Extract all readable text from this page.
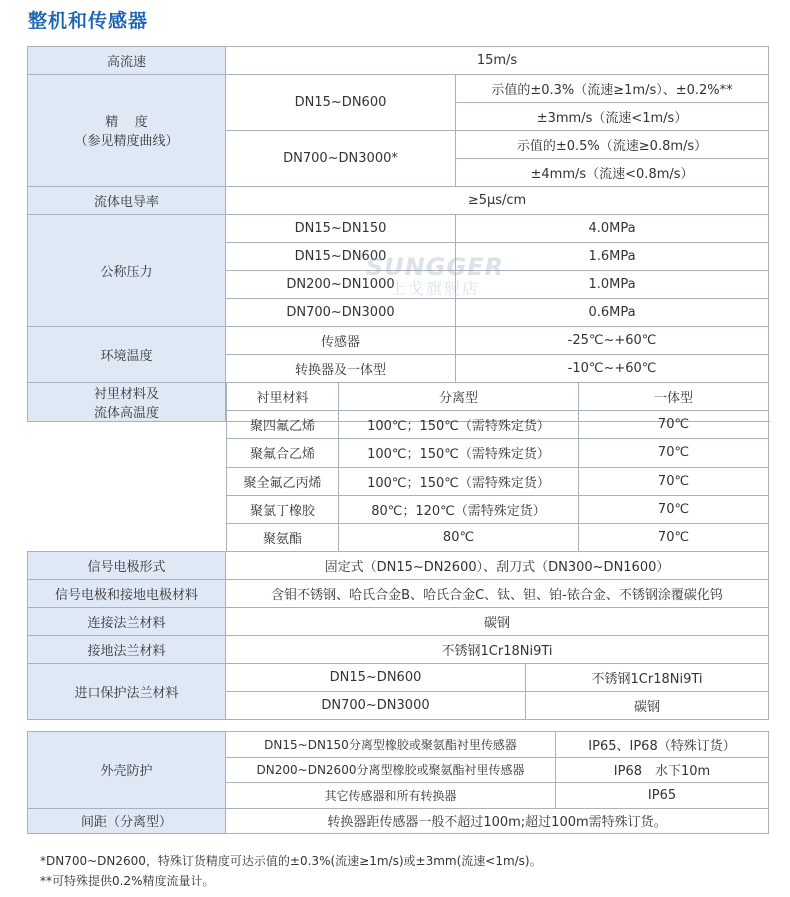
整机和传感器
高流速	15m/s	

精    度
（参见精度曲线）	DN15~DN600	示值的±0.3%（流速≥1m/s）、±0.2%**
		±3mm/s（流速<1m/s）
	DN700~DN3000*	示值的±0.5%（流速≥0.8m/s）
		±4mm/s（流速<0.8m/s）
流体电导率	≥5μs/cm	
公称压力	DN15~DN150	4.0MPa
	DN15~DN600	1.6MPa
	DN200~DN1000	1.0MPa
	DN700~DN3000	0.6MPa
环境温度	传感器	-25℃~+60℃
	转换器及一体型	-10℃~+60℃

衬里材料及
流体高温度		

衬里材料	分离型	一体型
聚四氟乙烯	100℃；150℃（需特殊定货）	70℃
聚氟合乙烯	100℃；150℃（需特殊定货）	70℃
聚全氟乙丙烯	100℃；150℃（需特殊定货）	70℃
聚氯丁橡胶	80℃；120℃（需特殊定货）	70℃
聚氨酯	80℃	70℃
信号电极形式	固定式（DN15~DN2600）、刮刀式（DN300~DN1600）	
信号电极和接地电极材料	含钼不锈钢、哈氏合金B、哈氏合金C、钛、钽、铂-铱合金、不锈钢涂覆碳化钨	
连接法兰材料	碳钢	
接地法兰材料	不锈钢1Cr18Ni9Ti	
进口保护法兰材料	DN15~DN600	不锈钢1Cr18Ni9Ti
	DN700~DN3000	碳钢
外壳防护	DN15~DN150分离型橡胶或聚氨酯衬里传感器	IP65、IP68（特殊订货）
	DN200~DN2600分离型橡胶或聚氨酯衬里传感器	IP68　水下10m
	其它传感器和所有转换器	IP65
间距（分离型）	转换器距传感器一般不超过100m;超过100m需特殊订货。	
SUNGGER
上戈旗舰店
*DN700~DN2600，特殊订货精度可达示值的±0.3%(流速≥1m/s)或±3mm(流速<1m/s)。
**可特殊提供0.2%精度流量计。
